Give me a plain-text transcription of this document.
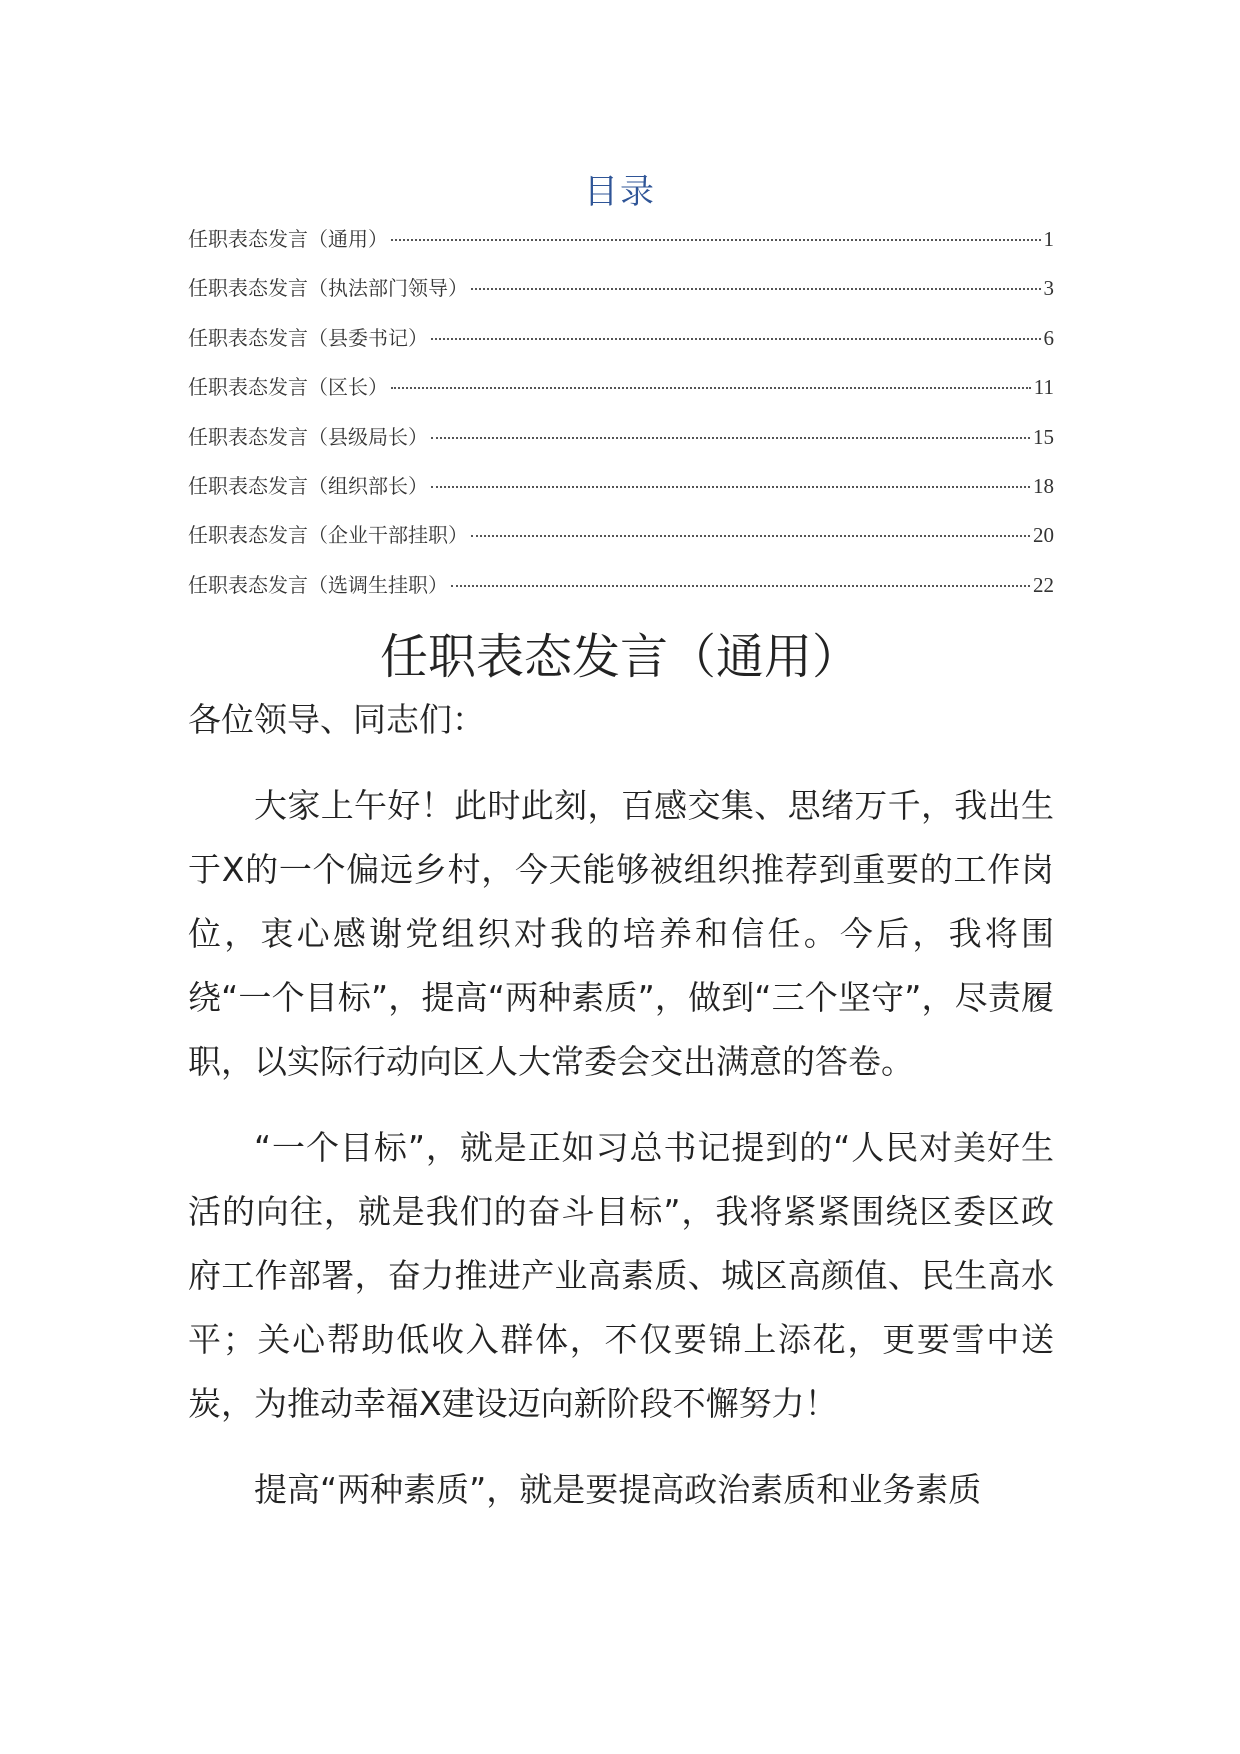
目录
任职表态发言（通用）	1
任职表态发言（执法部门领导）	3
任职表态发言（县委书记）	6
任职表态发言（区长）	11
任职表态发言（县级局长）	15
任职表态发言（组织部长）	18
任职表态发言（企业干部挂职）	20
任职表态发言（选调生挂职）	22
任职表态发言（通用）

各位领导、同志们：

大家上午好！此时此刻，百感交集、思绪万千，我出生于X的一个偏远乡村，今天能够被组织推荐到重要的工作岗位，衷心感谢党组织对我的培养和信任。今后，我将围绕“一个目标”，提高“两种素质”，做到“三个坚守”，尽责履职，以实际行动向区人大常委会交出满意的答卷。

“一个目标”，就是正如习总书记提到的“人民对美好生活的向往，就是我们的奋斗目标”，我将紧紧围绕区委区政府工作部署，奋力推进产业高素质、城区高颜值、民生高水平；关心帮助低收入群体，不仅要锦上添花，更要雪中送炭，为推动幸福X建设迈向新阶段不懈努力！

提高“两种素质”，就是要提高政治素质和业务素质
